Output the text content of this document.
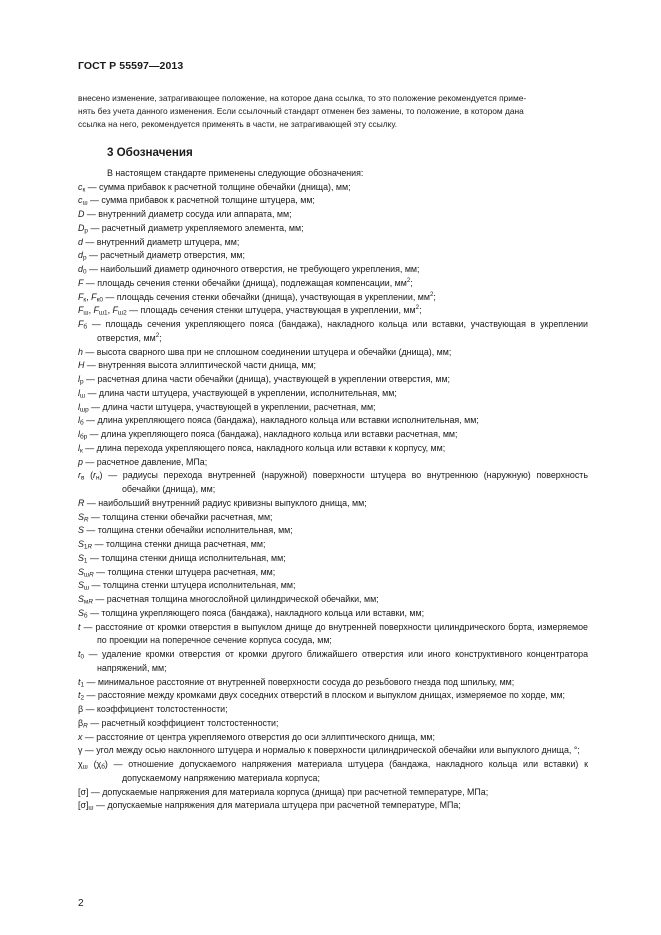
ГОСТ Р 55597—2013

внесено изменение, затрагивающее положение, на которое дана ссылка, то это положение рекомендуется приме-

нять без учета данного изменения. Если ссылочный стандарт отменен без замены, то положение, в котором дана

ссылка на него, рекомендуется применять в части, не затрагивающей эту ссылку.

3 Обозначения
В настоящем стандарте применены следующие обозначения:
$c_к$ — сумма прибавок к расчетной толщине обечайки (днища), мм;
$c_ш$ — сумма прибавок к расчетной толщине штуцера, мм;
D — внутренний диаметр сосуда или аппарата, мм;
$D_р$ — расчетный диаметр укрепляемого элемента, мм;
d — внутренний диаметр штуцера, мм;
$d_р$ — расчетный диаметр отверстия, мм;
$d_0$ — наибольший диаметр одиночного отверстия, не требующего укрепления, мм;
F — площадь сечения стенки обечайки (днища), подлежащая компенсации, $мм^2$;
$F_к$, $F_{к0}$ — площадь сечения стенки обечайки (днища), участвующая в укреплении, $мм^2$;
$F_ш$, $F_{ш1}$, $F_{ш2}$ — площадь сечения стенки штуцера, участвующая в укреплении, $мм^2$;
$F_б$ — площадь сечения укрепляющего пояса (бандажа), накладного кольца или вставки, участвующая в укреплении отверстия, $мм^2$;
h — высота сварного шва при не сплошном соединении штуцера и обечайки (днища), мм;
H — внутренняя высота эллиптической части днища, мм;
$l_р$ — расчетная длина части обечайки (днища), участвующей в укреплении отверстия, мм;
$l_ш$ — длина части штуцера, участвующей в укреплении, исполнительная, мм;
$l_{шр}$ — длина части штуцера, участвующей в укреплении, расчетная, мм;
$l_б$ — длина укрепляющего пояса (бандажа), накладного кольца или вставки исполнительная, мм;
$l_{бр}$ — длина укрепляющего пояса (бандажа), накладного кольца или вставки расчетная, мм;
$l_к$ — длина перехода укрепляющего пояса, накладного кольца или вставки к корпусу, мм;
p — расчетное давление, МПа;
$r_в$ $(r_н)$ — радиусы перехода внутренней (наружной) поверхности штуцера во внутреннюю (наружную) поверхность обечайки (днища), мм;
R — наибольший внутренний радиус кривизны выпуклого днища, мм;
$S_R$ — толщина стенки обечайки расчетная, мм;
S — толщина стенки обечайки исполнительная, мм;
$S_{1R}$ — толщина стенки днища расчетная, мм;
$S_1$ — толщина стенки днища исполнительная, мм;
$S_{шR}$ — толщина стенки штуцера расчетная, мм;
$S_ш$ — толщина стенки штуцера исполнительная, мм;
$S_{мR}$ — расчетная толщина многослойной цилиндрической обечайки, мм;
$S_б$ — толщина укрепляющего пояса (бандажа), накладного кольца или вставки, мм;
t — расстояние от кромки отверстия в выпуклом днище до внутренней поверхности цилиндрического борта, измеряемое по проекции на поперечное сечение корпуса сосуда, мм;
$t_0$ — удаление кромки отверстия от кромки другого ближайшего отверстия или иного конструктивного концентратора напряжений, мм;
$t_1$ — минимальное расстояние от внутренней поверхности сосуда до резьбового гнезда под шпильку, мм;
$t_2$ — расстояние между кромками двух соседних отверстий в плоском и выпуклом днищах, измеряемое по хорде, мм;
β — коэффициент толстостенности;
$\beta_R$ — расчетный коэффициент толстостенности;
x — расстояние от центра укрепляемого отверстия до оси эллиптического днища, мм;
γ — угол между осью наклонного штуцера и нормалью к поверхности цилиндрической обечайки или выпуклого днища, °;
$\chi_ш$ $(\chi_б)$ — отношение допускаемого напряжения материала штуцера (бандажа, накладного кольца или вставки) к допускаемому напряжению материала корпуса;
[σ] — допускаемые напряжения для материала корпуса (днища) при расчетной температуре, МПа;
$[\sigma]_ш$ — допускаемые напряжения для материала штуцера при расчетной температуре, МПа;
2
